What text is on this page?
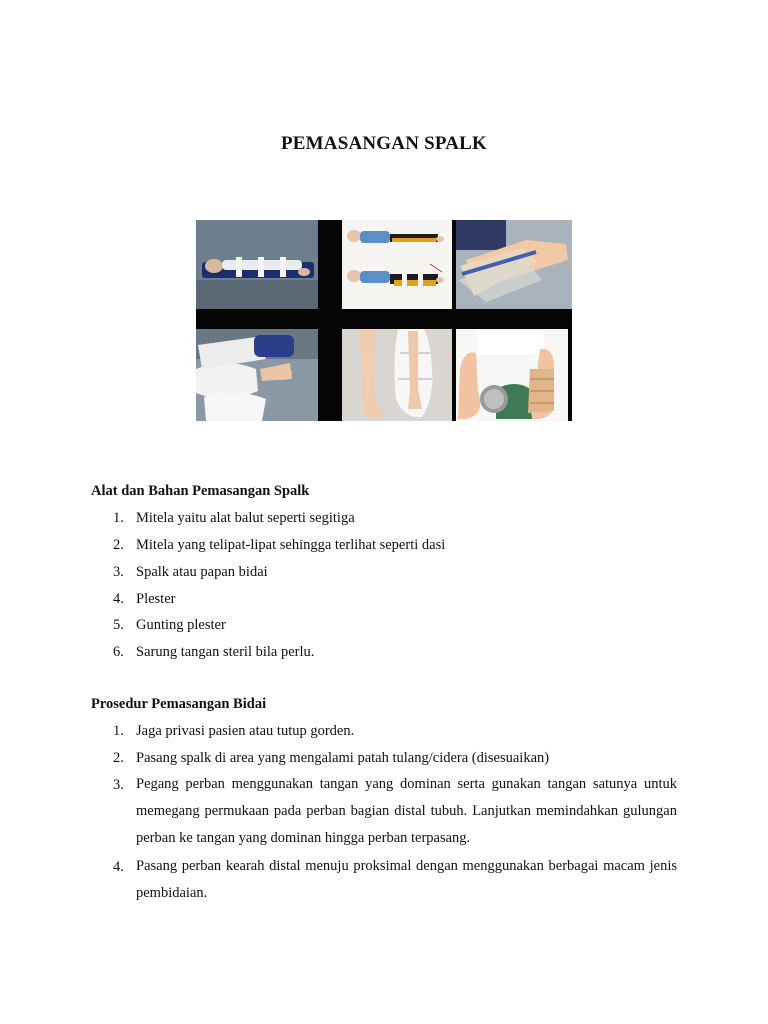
PEMASANGAN SPALK
Alat dan Bahan Pemasangan Spalk
1. Mitela yaitu alat balut seperti segitiga
2. Mitela yang telipat-lipat sehingga terlihat seperti dasi
3. Spalk atau papan bidai
4. Plester
5. Gunting plester
6. Sarung tangan steril bila perlu.
Prosedur Pemasangan Bidai
1. Jaga privasi pasien atau tutup gorden.
2. Pasang spalk di area yang mengalami patah tulang/cidera (disesuaikan)
3. Pegang perban menggunakan tangan yang dominan serta gunakan tangan satunya untuk memegang permukaan pada perban bagian distal tubuh. Lanjutkan memindahkan gulungan perban ke tangan yang dominan hingga perban terpasang.
4. Pasang perban kearah distal menuju proksimal dengan menggunakan berbagai macam jenis pembidaian.
